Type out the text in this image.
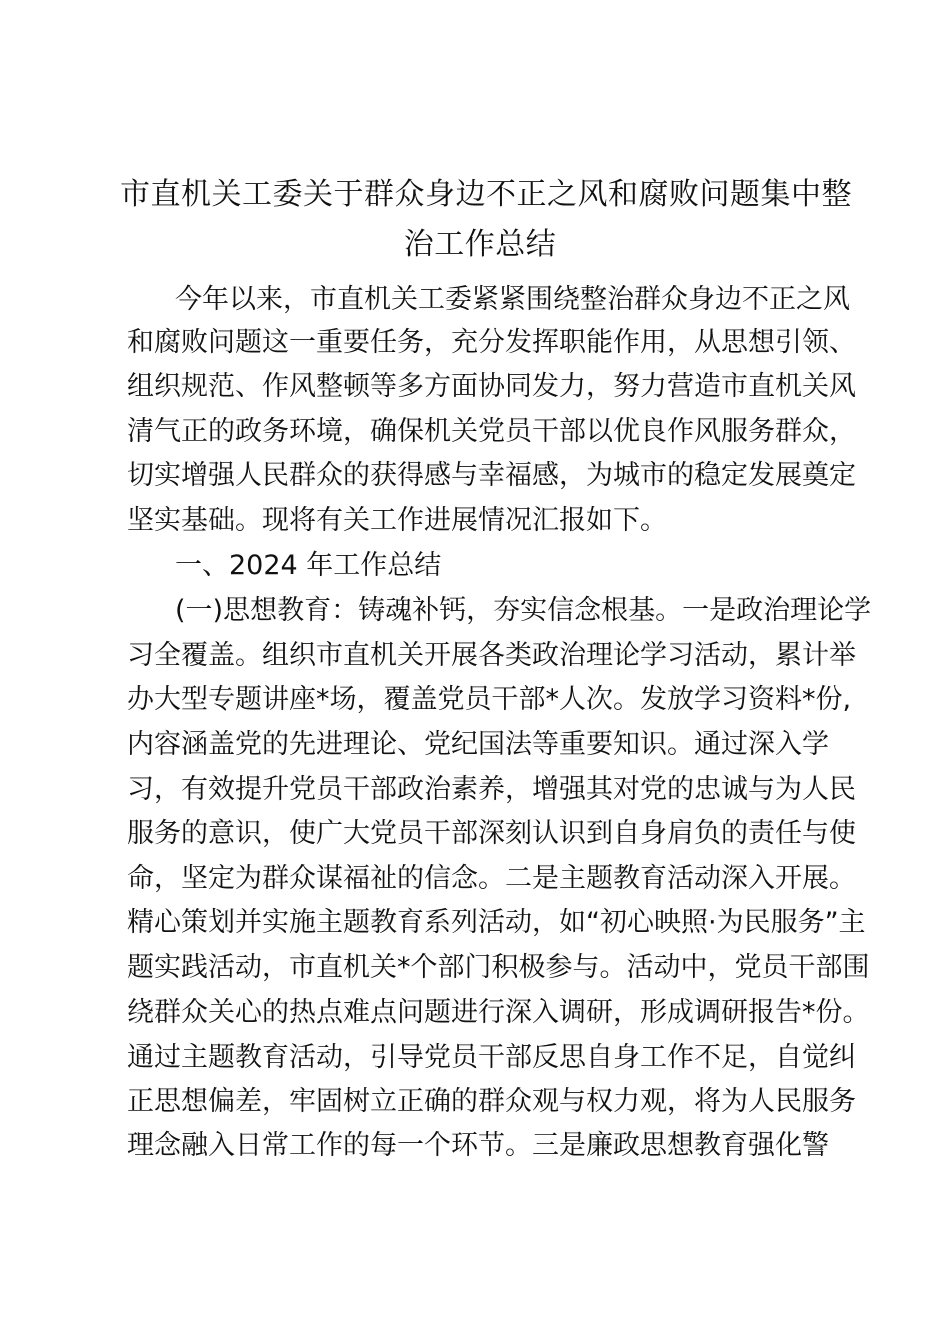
市直机关工委关于群众身边不正之风和腐败问题集中整
治工作总结
今年以来，市直机关工委紧紧围绕整治群众身边不正之风
和腐败问题这一重要任务，充分发挥职能作用，从思想引领、
组织规范、作风整顿等多方面协同发力，努力营造市直机关风
清气正的政务环境，确保机关党员干部以优良作风服务群众，
切实增强人民群众的获得感与幸福感，为城市的稳定发展奠定
坚实基础。现将有关工作进展情况汇报如下。
一、2024 年工作总结
(一)思想教育：铸魂补钙，夯实信念根基。一是政治理论学
习全覆盖。组织市直机关开展各类政治理论学习活动，累计举
办大型专题讲座*场，覆盖党员干部*人次。发放学习资料*份,
内容涵盖党的先进理论、党纪国法等重要知识。通过深入学
习，有效提升党员干部政治素养，增强其对党的忠诚与为人民
服务的意识，使广大党员干部深刻认识到自身肩负的责任与使
命，坚定为群众谋福祉的信念。二是主题教育活动深入开展。
精心策划并实施主题教育系列活动，如“初心映照·为民服务”主
题实践活动，市直机关*个部门积极参与。活动中，党员干部围
绕群众关心的热点难点问题进行深入调研，形成调研报告*份。
通过主题教育活动，引导党员干部反思自身工作不足，自觉纠
正思想偏差，牢固树立正确的群众观与权力观，将为人民服务
理念融入日常工作的每一个环节。三是廉政思想教育强化警
